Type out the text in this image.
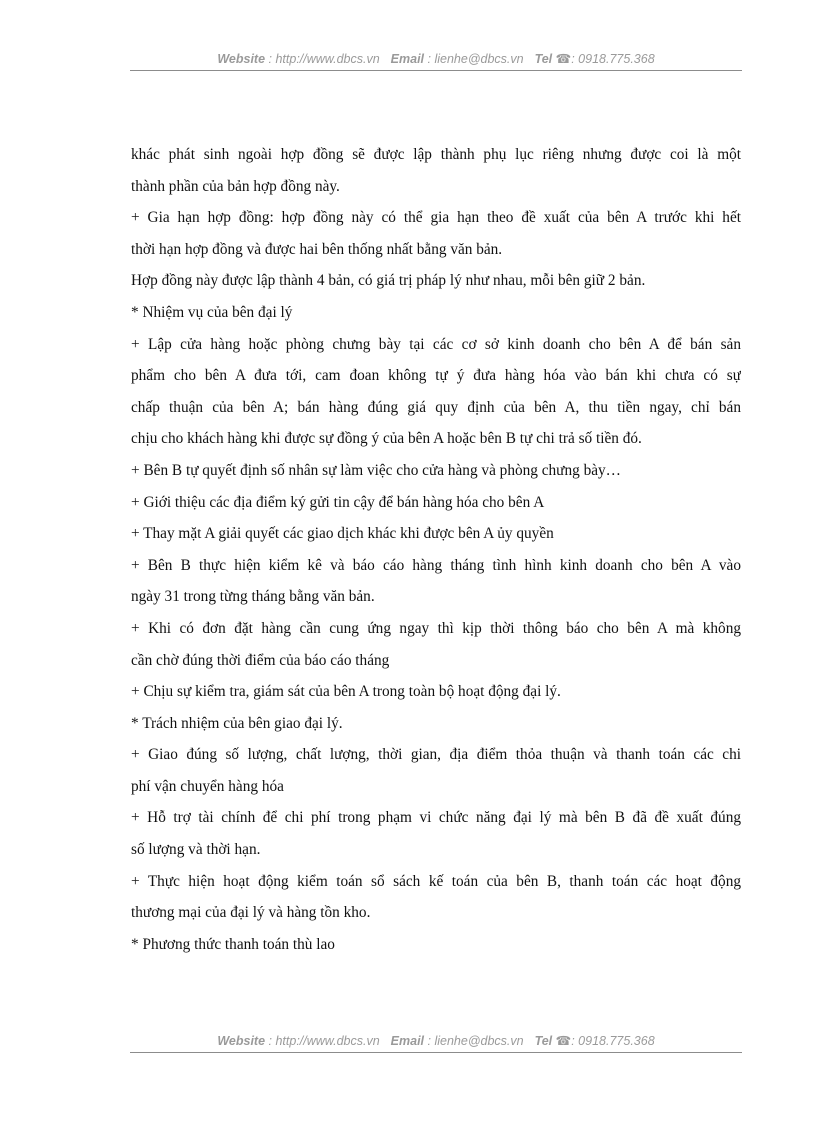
Website : http://www.dbcs.vn Email : lienhe@dbcs.vn Tel ☎: 0918.775.368
khác phát sinh ngoài hợp đồng sẽ được lập thành phụ lục riêng nhưng được coi là một
thành phần của bản hợp đồng này.
+ Gia hạn hợp đồng: hợp đồng này có thể gia hạn theo đề xuất của bên A trước khi hết
thời hạn hợp đồng và được hai bên thống nhất bằng văn bản.
Hợp đồng này được lập thành 4 bản, có giá trị pháp lý như nhau, mỗi bên giữ 2 bản.
* Nhiệm vụ của bên đại lý
+ Lập cửa hàng hoặc phòng chưng bày tại các cơ sở kinh doanh cho bên A để bán sản
phẩm cho bên A đưa tới, cam đoan không tự ý đưa hàng hóa vào bán khi chưa có sự
chấp thuận của bên A; bán hàng đúng giá quy định của bên A, thu tiền ngay, chỉ bán
chịu cho khách hàng khi được sự đồng ý của bên A hoặc bên B tự chi trả số tiền đó.
+ Bên B tự quyết định số nhân sự làm việc cho cửa hàng và phòng chưng bày…
+ Giới thiệu các địa điểm ký gửi tin cậy để bán hàng hóa cho bên A
+ Thay mặt A giải quyết các giao dịch khác khi được bên A ủy quyền
+ Bên B thực hiện kiểm kê và báo cáo hàng tháng tình hình kinh doanh cho bên A vào
ngày 31 trong từng tháng bằng văn bản.
+ Khi có đơn đặt hàng cần cung ứng ngay thì kịp thời thông báo cho bên A mà không
cần chờ đúng thời điểm của báo cáo tháng
+ Chịu sự kiểm tra, giám sát của bên A trong toàn bộ hoạt động đại lý.
* Trách nhiệm của bên giao đại lý.
+ Giao đúng số lượng, chất lượng, thời gian, địa điểm thỏa thuận và thanh toán các chi
phí vận chuyển hàng hóa
+ Hỗ trợ tài chính để chi phí trong phạm vi chức năng đại lý mà bên B đã đề xuất đúng
số lượng và thời hạn.
+ Thực hiện hoạt động kiểm toán sổ sách kế toán của bên B, thanh toán các hoạt động
thương mại của đại lý và hàng tồn kho.
* Phương thức thanh toán thù lao
Website : http://www.dbcs.vn Email : lienhe@dbcs.vn Tel ☎: 0918.775.368
